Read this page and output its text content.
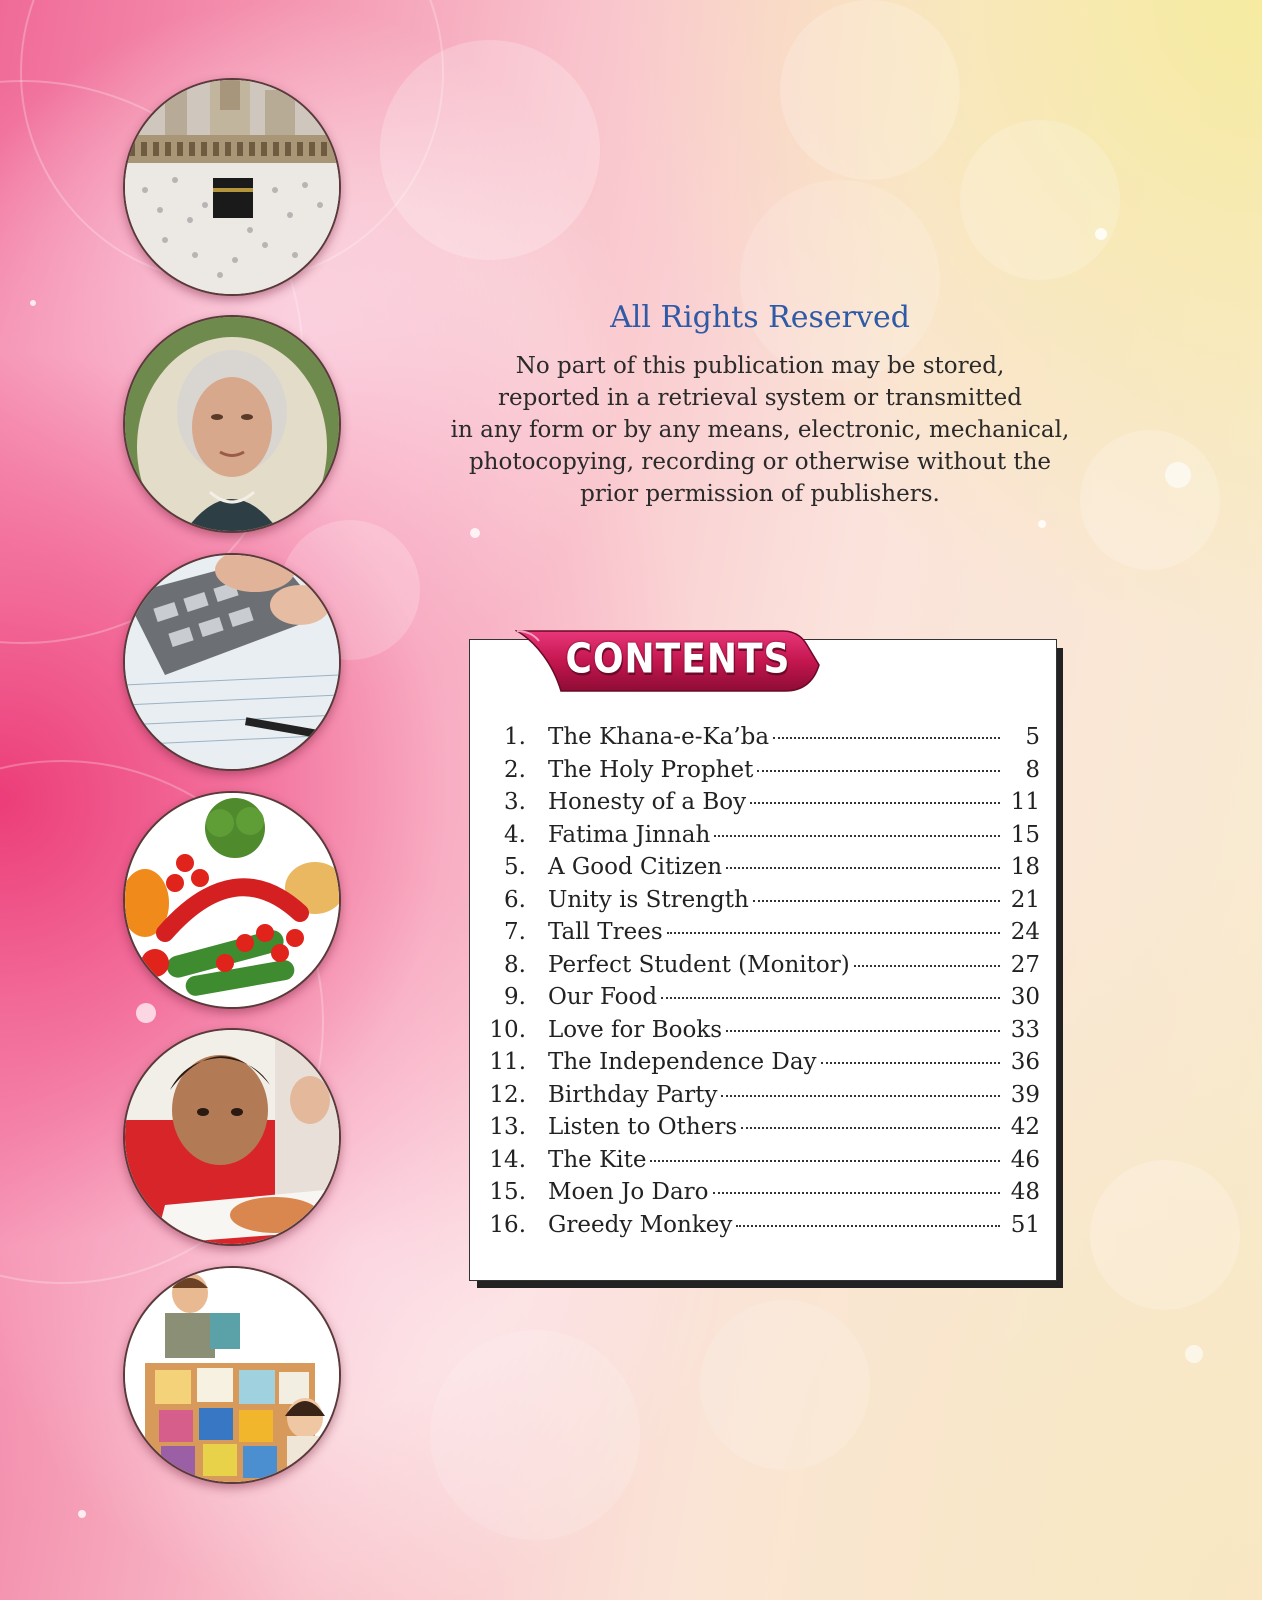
All Rights Reserved

No part of this publication may be stored,

reported in a retrieval system or transmitted

in any form or by any means, electronic, mechanical,

photocopying, recording or otherwise without the

prior permission of publishers.

CONTENTS
1. The Khana-e-Ka’ba	5
2. The Holy Prophet	8
3. Honesty of a Boy	11
4. Fatima Jinnah	15
5. A Good Citizen	18
6. Unity is Strength	21
7. Tall Trees	24
8. Perfect Student (Monitor)	27
9. Our Food	30
10. Love for Books	33
11. The Independence Day	36
12. Birthday Party	39
13. Listen to Others	42
14. The Kite	46
15. Moen Jo Daro	48
16. Greedy Monkey	51
